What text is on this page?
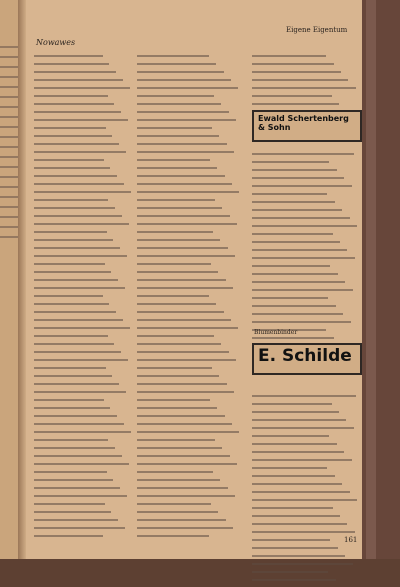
Nowawes
Eigene Eigentum
Ewald Schertenberg & Sohn
Blumenbinder
E. Schilde
161
